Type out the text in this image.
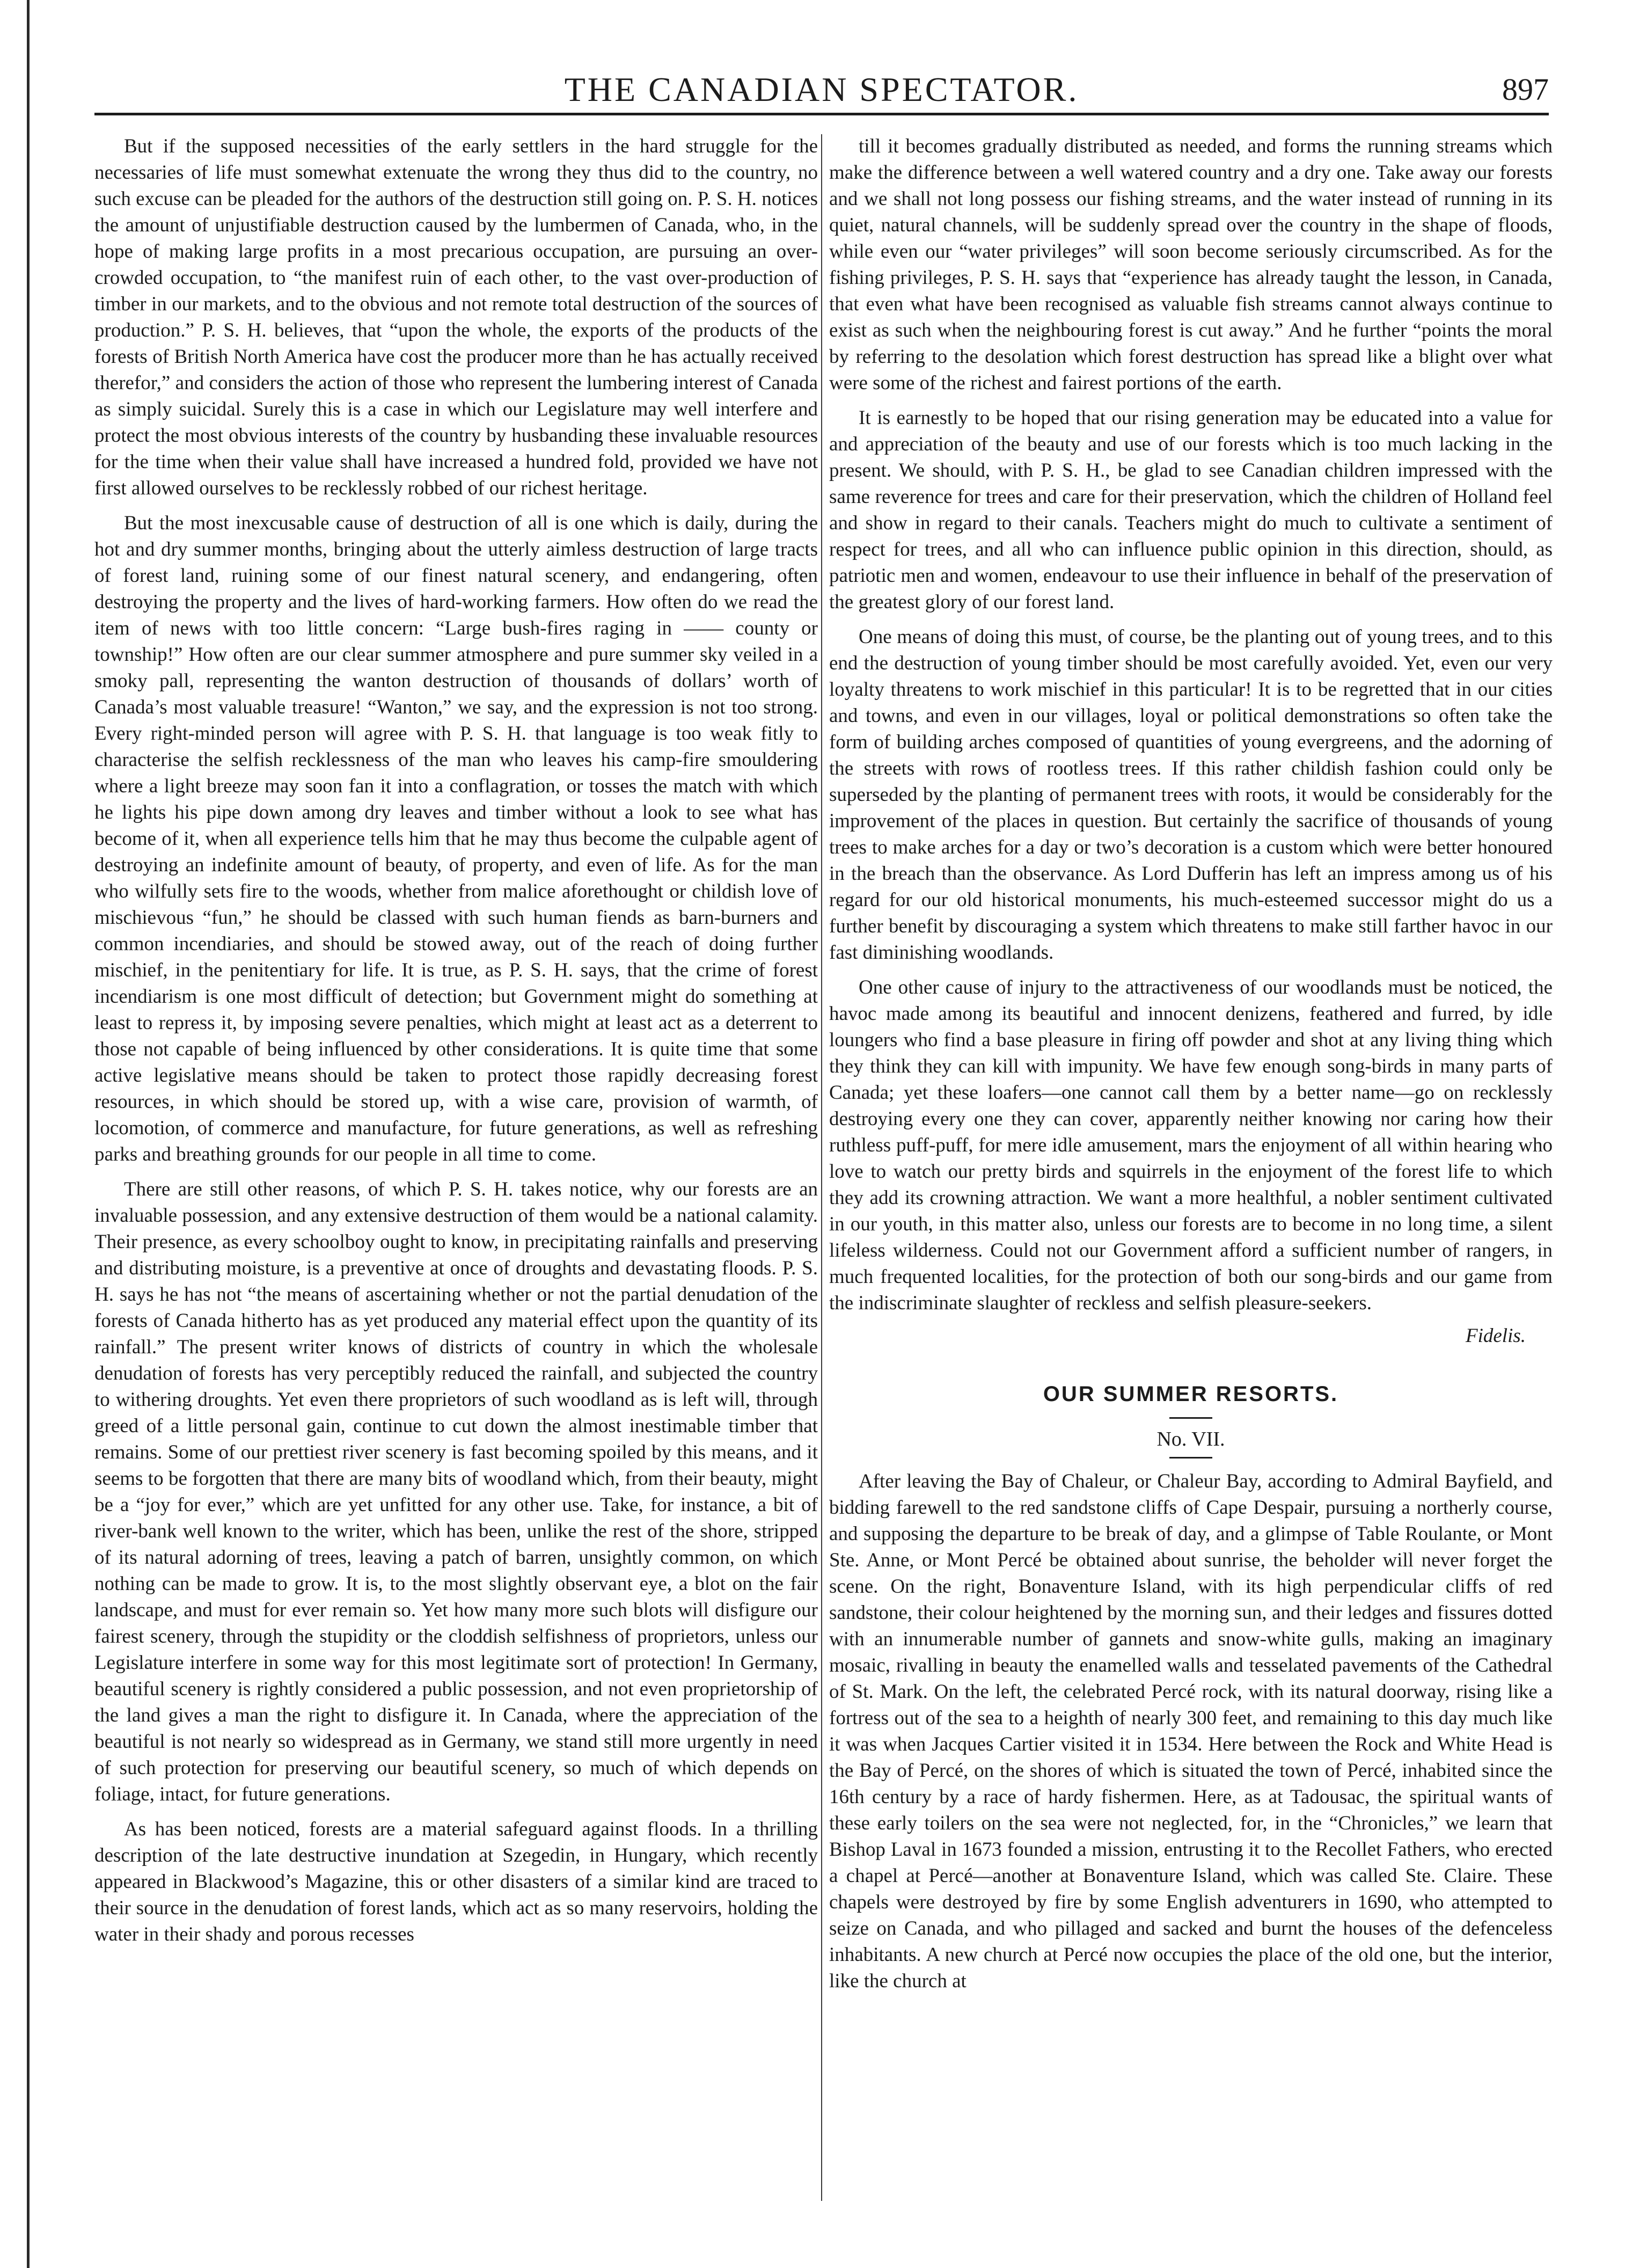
THE CANADIAN SPECTATOR.	897

But if the supposed necessities of the early settlers in the hard struggle for the necessaries of life must somewhat extenuate the wrong they thus did to the country, no such excuse can be pleaded for the authors of the destruction still going on. P. S. H. notices the amount of unjustifiable destruction caused by the lumbermen of Canada, who, in the hope of making large profits in a most precarious occupation, are pursuing an over-crowded occupation, to “the manifest ruin of each other, to the vast over-production of timber in our markets, and to the obvious and not remote total destruction of the sources of production.” P. S. H. believes, that “upon the whole, the exports of the products of the forests of British North America have cost the producer more than he has actually received therefor,” and considers the action of those who represent the lumbering interest of Canada as simply suicidal. Surely this is a case in which our Legislature may well interfere and protect the most obvious interests of the country by husbanding these invaluable resources for the time when their value shall have increased a hundred fold, provided we have not first allowed ourselves to be recklessly robbed of our richest heritage.

But the most inexcusable cause of destruction of all is one which is daily, during the hot and dry summer months, bringing about the utterly aimless destruction of large tracts of forest land, ruining some of our finest natural scenery, and endangering, often destroying the property and the lives of hard-working farmers. How often do we read the item of news with too little concern: “Large bush-fires raging in —— county or township!” How often are our clear summer atmosphere and pure summer sky veiled in a smoky pall, representing the wanton destruction of thousands of dollars’ worth of Canada’s most valuable treasure! “Wanton,” we say, and the expression is not too strong. Every right-minded person will agree with P. S. H. that language is too weak fitly to characterise the selfish recklessness of the man who leaves his camp-fire smouldering where a light breeze may soon fan it into a conflagration, or tosses the match with which he lights his pipe down among dry leaves and timber without a look to see what has become of it, when all experience tells him that he may thus become the culpable agent of destroying an indefinite amount of beauty, of property, and even of life. As for the man who wilfully sets fire to the woods, whether from malice aforethought or childish love of mischievous “fun,” he should be classed with such human fiends as barn-burners and common incendiaries, and should be stowed away, out of the reach of doing further mischief, in the penitentiary for life. It is true, as P. S. H. says, that the crime of forest incendiarism is one most difficult of detection; but Government might do something at least to repress it, by imposing severe penalties, which might at least act as a deterrent to those not capable of being influenced by other considerations. It is quite time that some active legislative means should be taken to protect those rapidly decreasing forest resources, in which should be stored up, with a wise care, provision of warmth, of locomotion, of commerce and manufacture, for future generations, as well as refreshing parks and breathing grounds for our people in all time to come.

There are still other reasons, of which P. S. H. takes notice, why our forests are an invaluable possession, and any extensive destruction of them would be a national calamity. Their presence, as every schoolboy ought to know, in precipitating rainfalls and preserving and distributing moisture, is a preventive at once of droughts and devastating floods. P. S. H. says he has not “the means of ascertaining whether or not the partial denudation of the forests of Canada hitherto has as yet produced any material effect upon the quantity of its rainfall.” The present writer knows of districts of country in which the wholesale denudation of forests has very perceptibly reduced the rainfall, and subjected the country to withering droughts. Yet even there proprietors of such woodland as is left will, through greed of a little personal gain, continue to cut down the almost inestimable timber that remains. Some of our prettiest river scenery is fast becoming spoiled by this means, and it seems to be forgotten that there are many bits of woodland which, from their beauty, might be a “joy for ever,” which are yet unfitted for any other use. Take, for instance, a bit of river-bank well known to the writer, which has been, unlike the rest of the shore, stripped of its natural adorning of trees, leaving a patch of barren, unsightly common, on which nothing can be made to grow. It is, to the most slightly observant eye, a blot on the fair landscape, and must for ever remain so. Yet how many more such blots will disfigure our fairest scenery, through the stupidity or the cloddish selfishness of proprietors, unless our Legislature interfere in some way for this most legitimate sort of protection! In Germany, beautiful scenery is rightly considered a public possession, and not even proprietorship of the land gives a man the right to disfigure it. In Canada, where the appreciation of the beautiful is not nearly so widespread as in Germany, we stand still more urgently in need of such protection for preserving our beautiful scenery, so much of which depends on foliage, intact, for future generations.

As has been noticed, forests are a material safeguard against floods. In a thrilling description of the late destructive inundation at Szegedin, in Hungary, which recently appeared in Blackwood’s Magazine, this or other disasters of a similar kind are traced to their source in the denudation of forest lands, which act as so many reservoirs, holding the water in their shady and porous recesses

till it becomes gradually distributed as needed, and forms the running streams which make the difference between a well watered country and a dry one. Take away our forests and we shall not long possess our fishing streams, and the water instead of running in its quiet, natural channels, will be suddenly spread over the country in the shape of floods, while even our “water privileges” will soon become seriously circumscribed. As for the fishing privileges, P. S. H. says that “experience has already taught the lesson, in Canada, that even what have been recognised as valuable fish streams cannot always continue to exist as such when the neighbouring forest is cut away.” And he further “points the moral by referring to the desolation which forest destruction has spread like a blight over what were some of the richest and fairest portions of the earth.

It is earnestly to be hoped that our rising generation may be educated into a value for and appreciation of the beauty and use of our forests which is too much lacking in the present. We should, with P. S. H., be glad to see Canadian children impressed with the same reverence for trees and care for their preservation, which the children of Holland feel and show in regard to their canals. Teachers might do much to cultivate a sentiment of respect for trees, and all who can influence public opinion in this direction, should, as patriotic men and women, endeavour to use their influence in behalf of the preservation of the greatest glory of our forest land.

One means of doing this must, of course, be the planting out of young trees, and to this end the destruction of young timber should be most carefully avoided. Yet, even our very loyalty threatens to work mischief in this particular! It is to be regretted that in our cities and towns, and even in our villages, loyal or political demonstrations so often take the form of building arches composed of quantities of young evergreens, and the adorning of the streets with rows of rootless trees. If this rather childish fashion could only be superseded by the planting of permanent trees with roots, it would be considerably for the improvement of the places in question. But certainly the sacrifice of thousands of young trees to make arches for a day or two’s decoration is a custom which were better honoured in the breach than the observance. As Lord Dufferin has left an impress among us of his regard for our old historical monuments, his much-esteemed successor might do us a further benefit by discouraging a system which threatens to make still farther havoc in our fast diminishing woodlands.

One other cause of injury to the attractiveness of our woodlands must be noticed, the havoc made among its beautiful and innocent denizens, feathered and furred, by idle loungers who find a base pleasure in firing off powder and shot at any living thing which they think they can kill with impunity. We have few enough song-birds in many parts of Canada; yet these loafers—one cannot call them by a better name—go on recklessly destroying every one they can cover, apparently neither knowing nor caring how their ruthless puff-puff, for mere idle amusement, mars the enjoyment of all within hearing who love to watch our pretty birds and squirrels in the enjoyment of the forest life to which they add its crowning attraction. We want a more healthful, a nobler sentiment cultivated in our youth, in this matter also, unless our forests are to become in no long time, a silent lifeless wilderness. Could not our Government afford a sufficient number of rangers, in much frequented localities, for the protection of both our song-birds and our game from the indiscriminate slaughter of reckless and selfish pleasure-seekers.

Fidelis.
OUR SUMMER RESORTS.
No. VII.

After leaving the Bay of Chaleur, or Chaleur Bay, according to Admiral Bayfield, and bidding farewell to the red sandstone cliffs of Cape Despair, pursuing a northerly course, and supposing the departure to be break of day, and a glimpse of Table Roulante, or Mont Ste. Anne, or Mont Percé be obtained about sunrise, the beholder will never forget the scene. On the right, Bonaventure Island, with its high perpendicular cliffs of red sandstone, their colour heightened by the morning sun, and their ledges and fissures dotted with an innumerable number of gannets and snow-white gulls, making an imaginary mosaic, rivalling in beauty the enamelled walls and tesselated pavements of the Cathedral of St. Mark. On the left, the celebrated Percé rock, with its natural doorway, rising like a fortress out of the sea to a heighth of nearly 300 feet, and remaining to this day much like it was when Jacques Cartier visited it in 1534. Here between the Rock and White Head is the Bay of Percé, on the shores of which is situated the town of Percé, inhabited since the 16th century by a race of hardy fishermen. Here, as at Tadousac, the spiritual wants of these early toilers on the sea were not neglected, for, in the “Chronicles,” we learn that Bishop Laval in 1673 founded a mission, entrusting it to the Recollet Fathers, who erected a chapel at Percé—another at Bonaventure Island, which was called Ste. Claire. These chapels were destroyed by fire by some English adventurers in 1690, who attempted to seize on Canada, and who pillaged and sacked and burnt the houses of the defenceless inhabitants. A new church at Percé now occupies the place of the old one, but the interior, like the church at
